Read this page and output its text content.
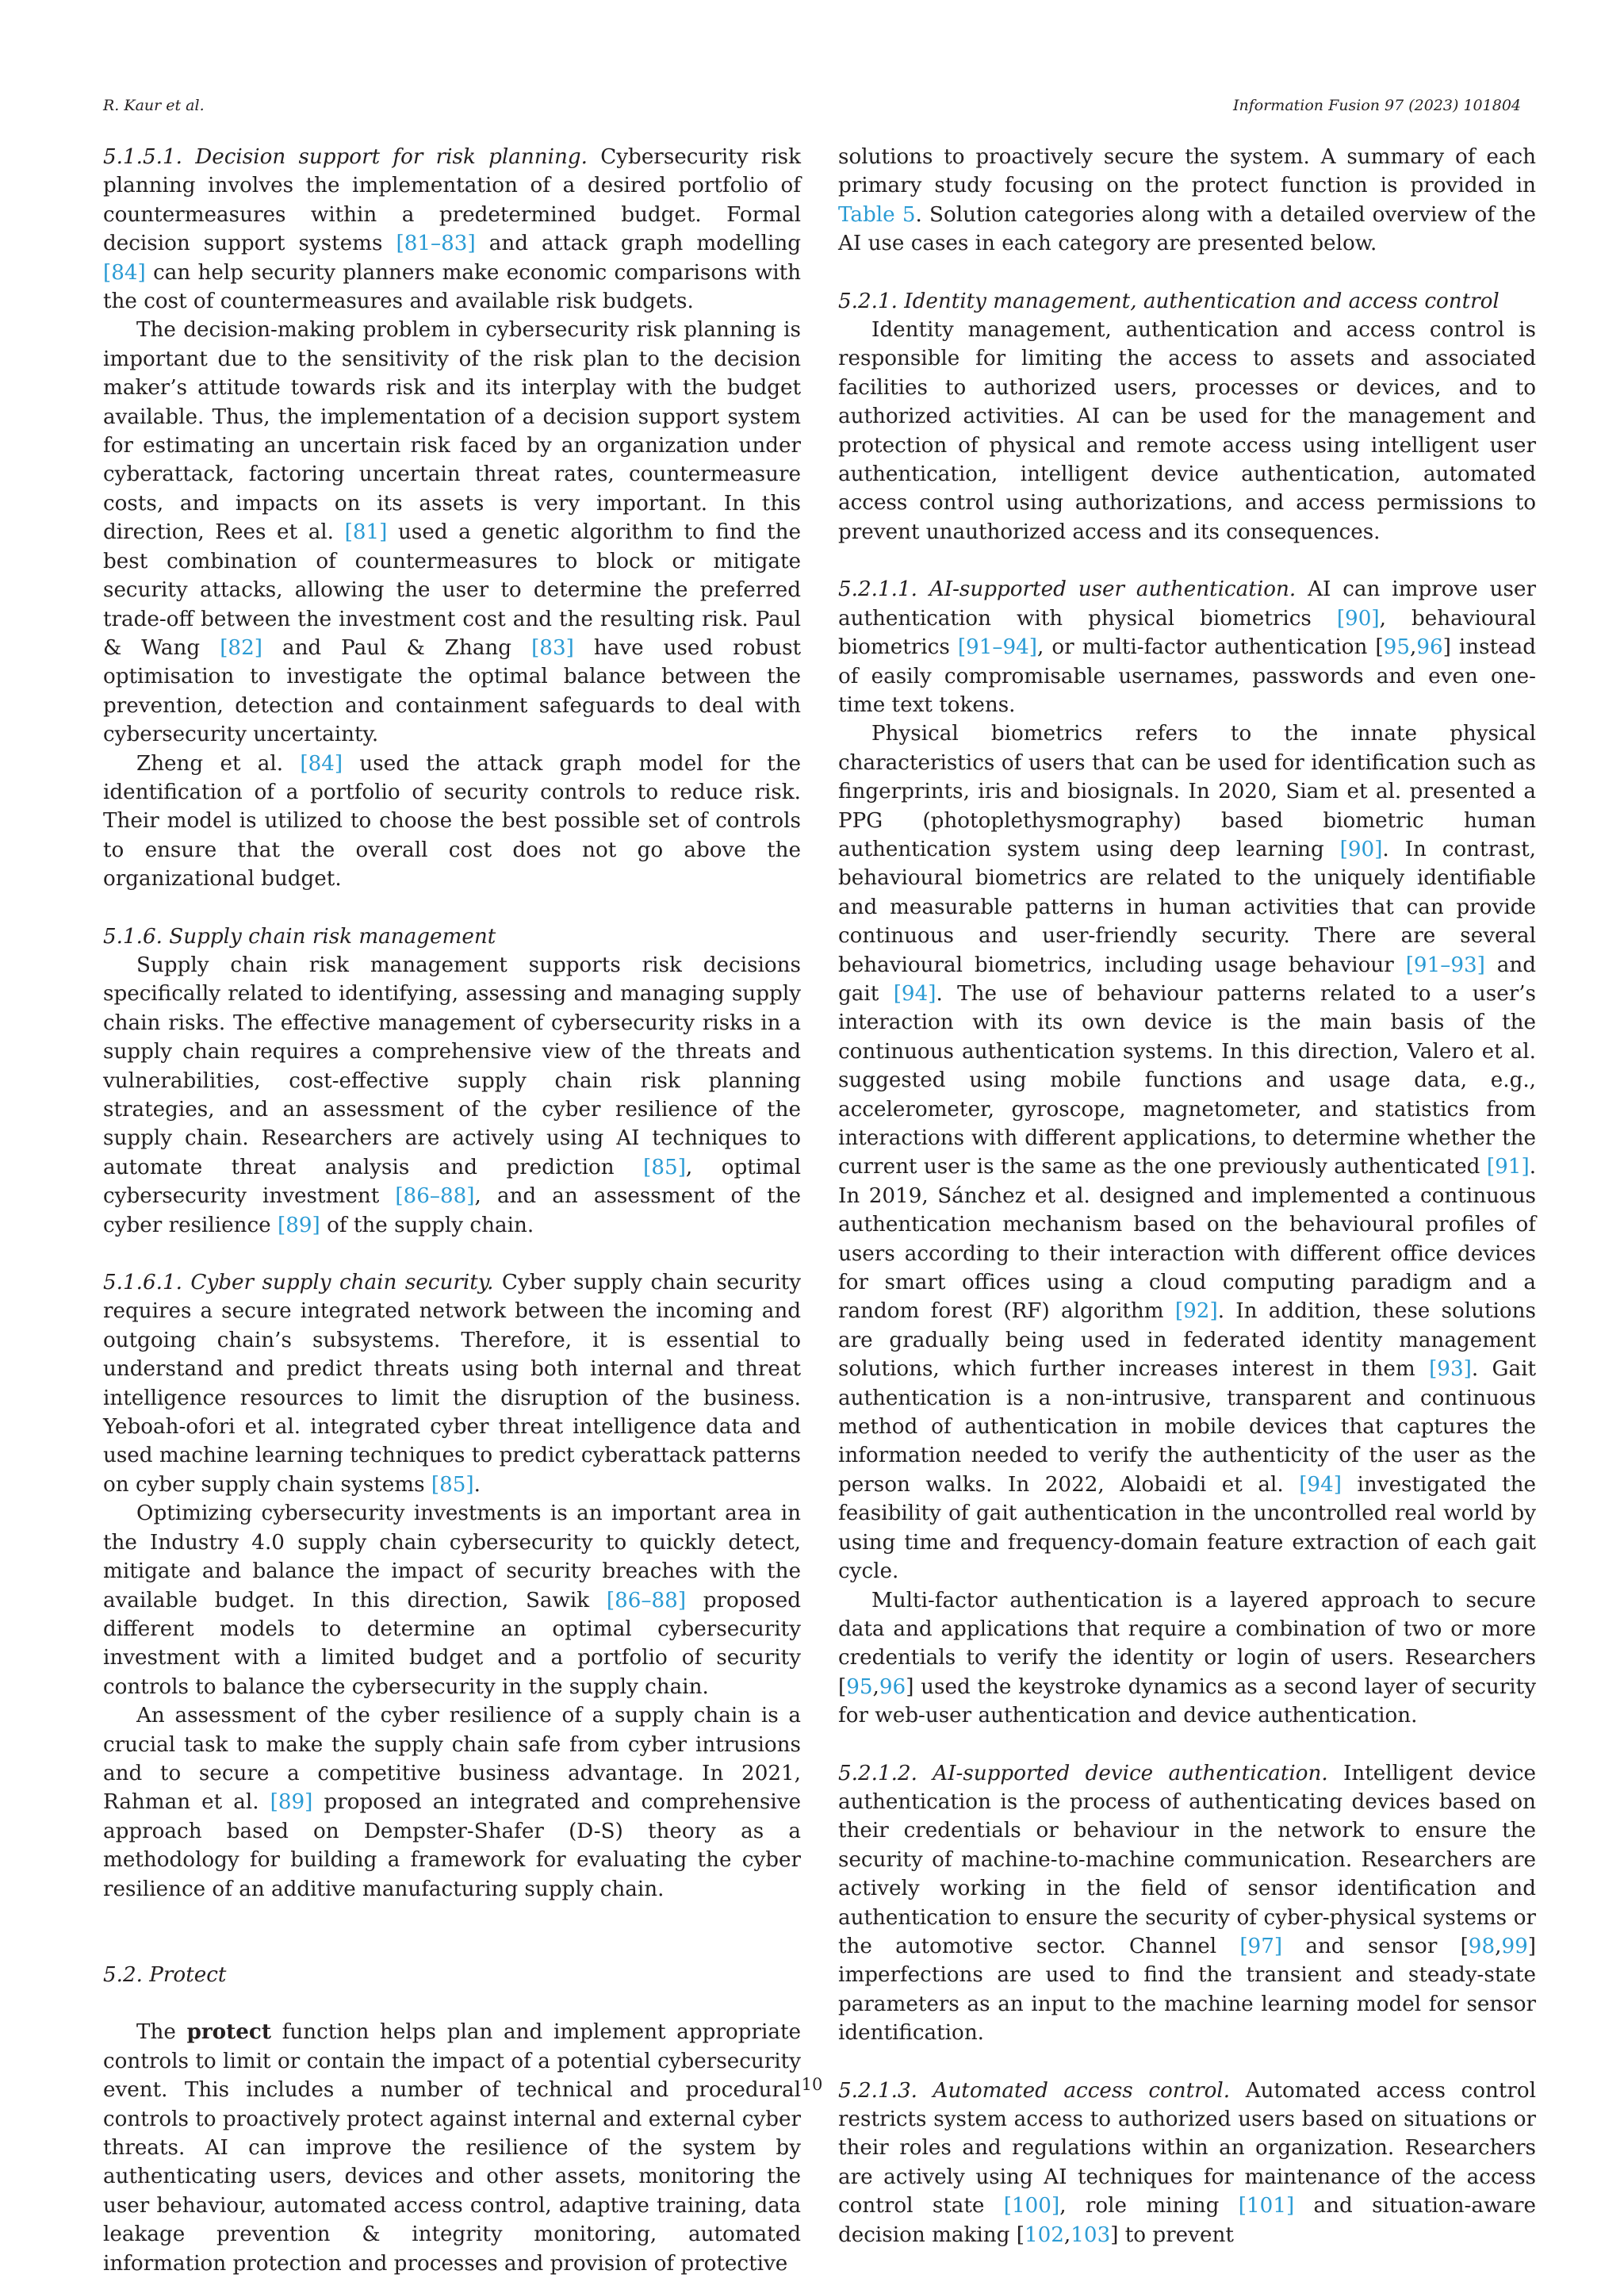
R. Kaur et al.	Information Fusion 97 (2023) 101804

5.1.5.1. Decision support for risk planning. Cybersecurity risk planning involves the implementation of a desired portfolio of countermeasures within a predetermined budget. Formal decision support systems [81–83] and attack graph modelling [84] can help security planners make economic comparisons with the cost of countermeasures and available risk budgets.

The decision-making problem in cybersecurity risk planning is important due to the sensitivity of the risk plan to the decision maker’s attitude towards risk and its interplay with the budget available. Thus, the implementation of a decision support system for estimating an uncertain risk faced by an organization under cyberattack, factoring uncertain threat rates, countermeasure costs, and impacts on its assets is very important. In this direction, Rees et al. [81] used a genetic algorithm to find the best combination of countermeasures to block or mitigate security attacks, allowing the user to determine the preferred trade-off between the investment cost and the resulting risk. Paul & Wang [82] and Paul & Zhang [83] have used robust optimisation to investigate the optimal balance between the prevention, detection and containment safeguards to deal with cybersecurity uncertainty.

Zheng et al. [84] used the attack graph model for the identification of a portfolio of security controls to reduce risk. Their model is utilized to choose the best possible set of controls to ensure that the overall cost does not go above the organizational budget.

5.1.6. Supply chain risk management

Supply chain risk management supports risk decisions specifically related to identifying, assessing and managing supply chain risks. The effective management of cybersecurity risks in a supply chain requires a comprehensive view of the threats and vulnerabilities, cost-effective supply chain risk planning strategies, and an assessment of the cyber resilience of the supply chain. Researchers are actively using AI techniques to automate threat analysis and prediction [85], optimal cybersecurity investment [86–88], and an assessment of the cyber resilience [89] of the supply chain.

5.1.6.1. Cyber supply chain security. Cyber supply chain security requires a secure integrated network between the incoming and outgoing chain’s subsystems. Therefore, it is essential to understand and predict threats using both internal and threat intelligence resources to limit the disruption of the business. Yeboah-ofori et al. integrated cyber threat intelligence data and used machine learning techniques to predict cyberattack patterns on cyber supply chain systems [85].

Optimizing cybersecurity investments is an important area in the Industry 4.0 supply chain cybersecurity to quickly detect, mitigate and balance the impact of security breaches with the available budget. In this direction, Sawik [86–88] proposed different models to determine an optimal cybersecurity investment with a limited budget and a portfolio of security controls to balance the cybersecurity in the supply chain.

An assessment of the cyber resilience of a supply chain is a crucial task to make the supply chain safe from cyber intrusions and to secure a competitive business advantage. In 2021, Rahman et al. [89] proposed an integrated and comprehensive approach based on Dempster-Shafer (D-S) theory as a methodology for building a framework for evaluating the cyber resilience of an additive manufacturing supply chain.

5.2. Protect

The protect function helps plan and implement appropriate controls to limit or contain the impact of a potential cybersecurity event. This includes a number of technical and procedural controls to proactively protect against internal and external cyber threats. AI can improve the resilience of the system by authenticating users, devices and other assets, monitoring the user behaviour, automated access control, adaptive training, data leakage prevention & integrity monitoring, automated information protection and processes and provision of protective

solutions to proactively secure the system. A summary of each primary study focusing on the protect function is provided in Table 5. Solution categories along with a detailed overview of the AI use cases in each category are presented below.

5.2.1. Identity management, authentication and access control

Identity management, authentication and access control is responsible for limiting the access to assets and associated facilities to authorized users, processes or devices, and to authorized activities. AI can be used for the management and protection of physical and remote access using intelligent user authentication, intelligent device authentication, automated access control using authorizations, and access permissions to prevent unauthorized access and its consequences.

5.2.1.1. AI-supported user authentication. AI can improve user authentication with physical biometrics [90], behavioural biometrics [91–94], or multi-factor authentication [95,96] instead of easily compromisable usernames, passwords and even one-time text tokens.

Physical biometrics refers to the innate physical characteristics of users that can be used for identification such as fingerprints, iris and biosignals. In 2020, Siam et al. presented a PPG (photoplethysmography) based biometric human authentication system using deep learning [90]. In contrast, behavioural biometrics are related to the uniquely identifiable and measurable patterns in human activities that can provide continuous and user-friendly security. There are several behavioural biometrics, including usage behaviour [91–93] and gait [94]. The use of behaviour patterns related to a user’s interaction with its own device is the main basis of the continuous authentication systems. In this direction, Valero et al. suggested using mobile functions and usage data, e.g., accelerometer, gyroscope, magnetometer, and statistics from interactions with different applications, to determine whether the current user is the same as the one previously authenticated [91]. In 2019, Sánchez et al. designed and implemented a continuous authentication mechanism based on the behavioural profiles of users according to their interaction with different office devices for smart offices using a cloud computing paradigm and a random forest (RF) algorithm [92]. In addition, these solutions are gradually being used in federated identity management solutions, which further increases interest in them [93]. Gait authentication is a non-intrusive, transparent and continuous method of authentication in mobile devices that captures the information needed to verify the authenticity of the user as the person walks. In 2022, Alobaidi et al. [94] investigated the feasibility of gait authentication in the uncontrolled real world by using time and frequency-domain feature extraction of each gait cycle.

Multi-factor authentication is a layered approach to secure data and applications that require a combination of two or more credentials to verify the identity or login of users. Researchers [95,96] used the keystroke dynamics as a second layer of security for web-user authentication and device authentication.

5.2.1.2. AI-supported device authentication. Intelligent device authentication is the process of authenticating devices based on their credentials or behaviour in the network to ensure the security of machine-to-machine communication. Researchers are actively working in the field of sensor identification and authentication to ensure the security of cyber-physical systems or the automotive sector. Channel [97] and sensor [98,99] imperfections are used to find the transient and steady-state parameters as an input to the machine learning model for sensor identification.

5.2.1.3. Automated access control. Automated access control restricts system access to authorized users based on situations or their roles and regulations within an organization. Researchers are actively using AI techniques for maintenance of the access control state [100], role mining [101] and situation-aware decision making [102,103] to prevent

10
